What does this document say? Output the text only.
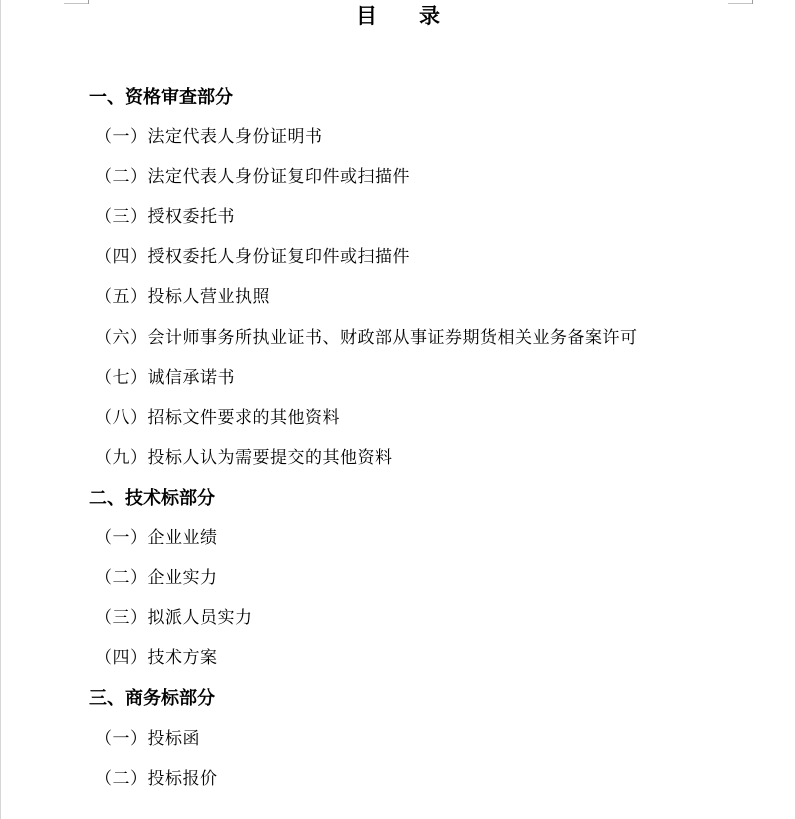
目　　录
一、资格审查部分
（一）法定代表人身份证明书
（二）法定代表人身份证复印件或扫描件
（三）授权委托书
（四）授权委托人身份证复印件或扫描件
（五）投标人营业执照
（六）会计师事务所执业证书、财政部从事证券期货相关业务备案许可
（七）诚信承诺书
（八）招标文件要求的其他资料
（九）投标人认为需要提交的其他资料
二、技术标部分
（一）企业业绩
（二）企业实力
（三）拟派人员实力
（四）技术方案
三、商务标部分
（一）投标函
（二）投标报价
